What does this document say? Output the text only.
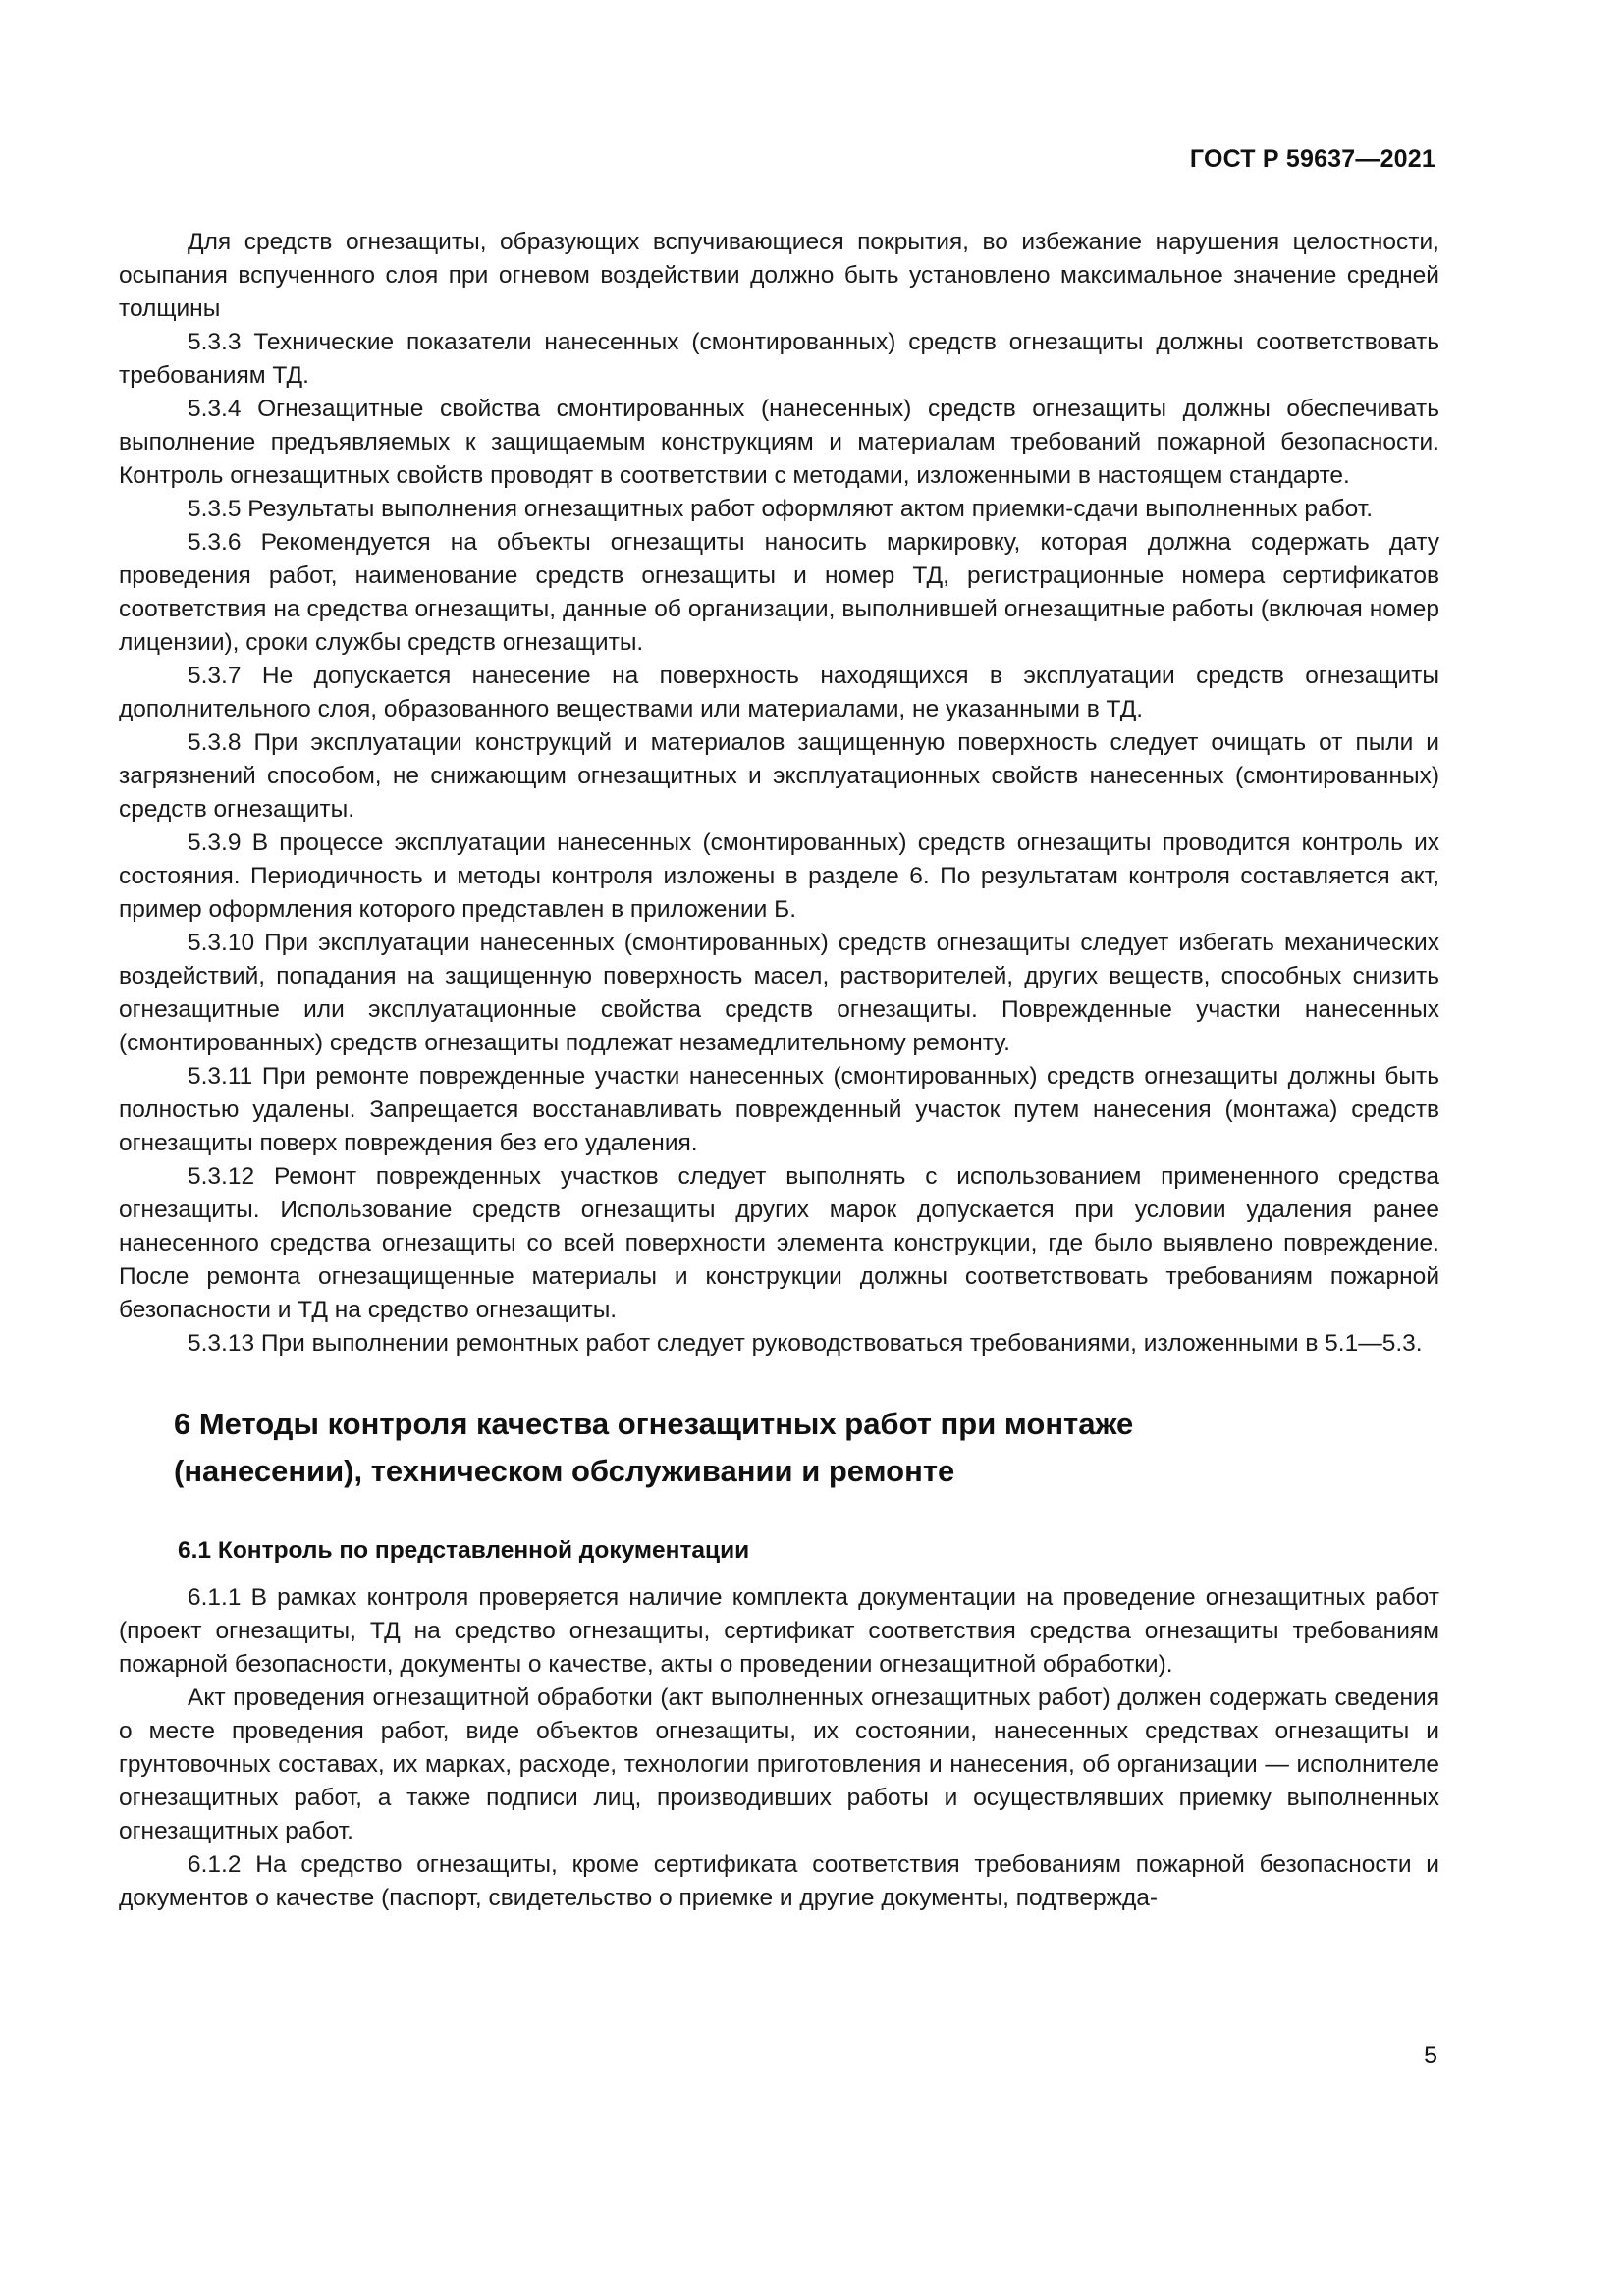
ГОСТ Р 59637—2021

Для средств огнезащиты, образующих вспучивающиеся покрытия, во избежание нарушения целостности, осыпания вспученного слоя при огневом воздействии должно быть установлено максимальное значение средней толщины

5.3.3 Технические показатели нанесенных (смонтированных) средств огнезащиты должны соответствовать требованиям ТД.

5.3.4 Огнезащитные свойства смонтированных (нанесенных) средств огнезащиты должны обеспечивать выполнение предъявляемых к защищаемым конструкциям и материалам требований пожарной безопасности. Контроль огнезащитных свойств проводят в соответствии с методами, изложенными в настоящем стандарте.

5.3.5 Результаты выполнения огнезащитных работ оформляют актом приемки-сдачи выполненных работ.

5.3.6 Рекомендуется на объекты огнезащиты наносить маркировку, которая должна содержать дату проведения работ, наименование средств огнезащиты и номер ТД, регистрационные номера сертификатов соответствия на средства огнезащиты, данные об организации, выполнившей огнезащитные работы (включая номер лицензии), сроки службы средств огнезащиты.

5.3.7 Не допускается нанесение на поверхность находящихся в эксплуатации средств огнезащиты дополнительного слоя, образованного веществами или материалами, не указанными в ТД.

5.3.8 При эксплуатации конструкций и материалов защищенную поверхность следует очищать от пыли и загрязнений способом, не снижающим огнезащитных и эксплуатационных свойств нанесенных (смонтированных) средств огнезащиты.

5.3.9 В процессе эксплуатации нанесенных (смонтированных) средств огнезащиты проводится контроль их состояния. Периодичность и методы контроля изложены в разделе 6. По результатам контроля составляется акт, пример оформления которого представлен в приложении Б.

5.3.10 При эксплуатации нанесенных (смонтированных) средств огнезащиты следует избегать механических воздействий, попадания на защищенную поверхность масел, растворителей, других веществ, способных снизить огнезащитные или эксплуатационные свойства средств огнезащиты. Поврежденные участки нанесенных (смонтированных) средств огнезащиты подлежат незамедлительному ремонту.

5.3.11 При ремонте поврежденные участки нанесенных (смонтированных) средств огнезащиты должны быть полностью удалены. Запрещается восстанавливать поврежденный участок путем нанесения (монтажа) средств огнезащиты поверх повреждения без его удаления.

5.3.12 Ремонт поврежденных участков следует выполнять с использованием примененного средства огнезащиты. Использование средств огнезащиты других марок допускается при условии удаления ранее нанесенного средства огнезащиты со всей поверхности элемента конструкции, где было выявлено повреждение. После ремонта огнезащищенные материалы и конструкции должны соответствовать требованиям пожарной безопасности и ТД на средство огнезащиты.

5.3.13 При выполнении ремонтных работ следует руководствоваться требованиями, изложенными в 5.1—5.3.

6 Методы контроля качества огнезащитных работ при монтаже
(нанесении), техническом обслуживании и ремонте
6.1 Контроль по представленной документации

6.1.1 В рамках контроля проверяется наличие комплекта документации на проведение огнезащитных работ (проект огнезащиты, ТД на средство огнезащиты, сертификат соответствия средства огнезащиты требованиям пожарной безопасности, документы о качестве, акты о проведении огнезащитной обработки).

Акт проведения огнезащитной обработки (акт выполненных огнезащитных работ) должен содержать сведения о месте проведения работ, виде объектов огнезащиты, их состоянии, нанесенных средствах огнезащиты и грунтовочных составах, их марках, расходе, технологии приготовления и нанесения, об организации — исполнителе огнезащитных работ, а также подписи лиц, производивших работы и осуществлявших приемку выполненных огнезащитных работ.

6.1.2 На средство огнезащиты, кроме сертификата соответствия требованиям пожарной безопасности и документов о качестве (паспорт, свидетельство о приемке и другие документы, подтвержда-

5
